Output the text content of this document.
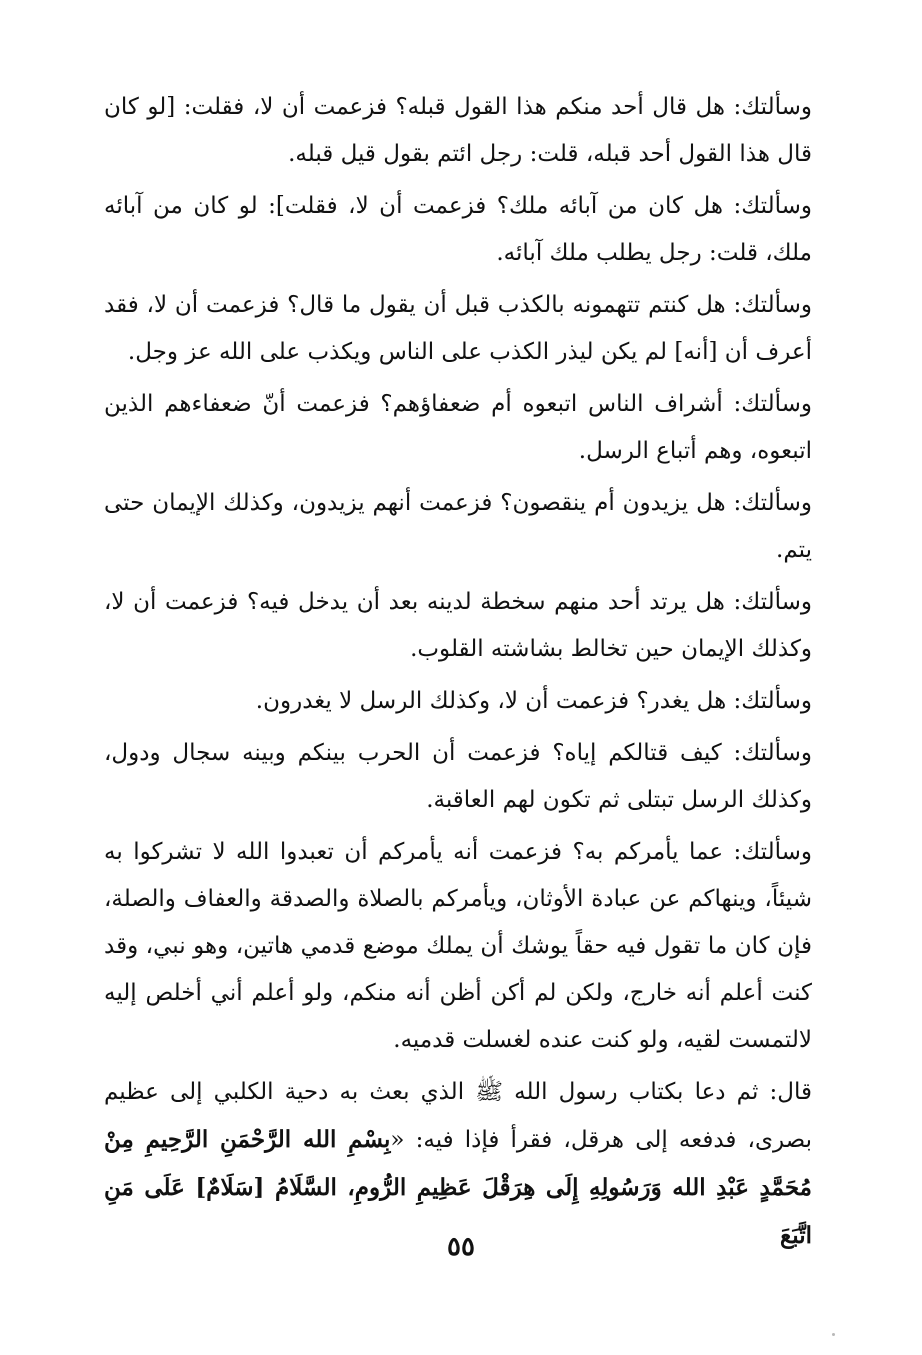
وسألتك: هل قال أحد منكم هذا القول قبله؟ فزعمت أن لا، فقلت: [لو كان قال هذا القول أحد قبله، قلت: رجل ائتم بقول قيل قبله.

وسألتك: هل كان من آبائه ملك؟ فزعمت أن لا، فقلت]: لو كان من آبائه ملك، قلت: رجل يطلب ملك آبائه.

وسألتك: هل كنتم تتهمونه بالكذب قبل أن يقول ما قال؟ فزعمت أن لا، فقد أعرف أن [أنه] لم يكن ليذر الكذب على الناس ويكذب على الله عز وجل.

وسألتك: أشراف الناس اتبعوه أم ضعفاؤهم؟ فزعمت أنّ ضعفاءهم الذين اتبعوه، وهم أتباع الرسل.

وسألتك: هل يزيدون أم ينقصون؟ فزعمت أنهم يزيدون، وكذلك الإيمان حتى يتم.

وسألتك: هل يرتد أحد منهم سخطة لدينه بعد أن يدخل فيه؟ فزعمت أن لا، وكذلك الإيمان حين تخالط بشاشته القلوب.

وسألتك: هل يغدر؟ فزعمت أن لا، وكذلك الرسل لا يغدرون.

وسألتك: كيف قتالكم إياه؟ فزعمت أن الحرب بينكم وبينه سجال ودول، وكذلك الرسل تبتلى ثم تكون لهم العاقبة.

وسألتك: عما يأمركم به؟ فزعمت أنه يأمركم أن تعبدوا الله لا تشركوا به شيئاً، وينهاكم عن عبادة الأوثان، ويأمركم بالصلاة والصدقة والعفاف والصلة، فإن كان ما تقول فيه حقاً يوشك أن يملك موضع قدمي هاتين، وهو نبي، وقد كنت أعلم أنه خارج، ولكن لم أكن أظن أنه منكم، ولو أعلم أني أخلص إليه لالتمست لقيه، ولو كنت عنده لغسلت قدميه.

قال: ثم دعا بكتاب رسول الله ﷺ الذي بعث به دحية الكلبي إلى عظيم بصرى، فدفعه إلى هرقل، فقرأ فإذا فيه: «بِسْمِ الله الرَّحْمَنِ الرَّحِيمِ مِنْ مُحَمَّدٍ عَبْدِ الله وَرَسُولِهِ إِلَى هِرَقْلَ عَظِيمِ الرُّومِ، السَّلَامُ [سَلَامٌ] عَلَى مَنِ اتَّبَعَ

٥٥
